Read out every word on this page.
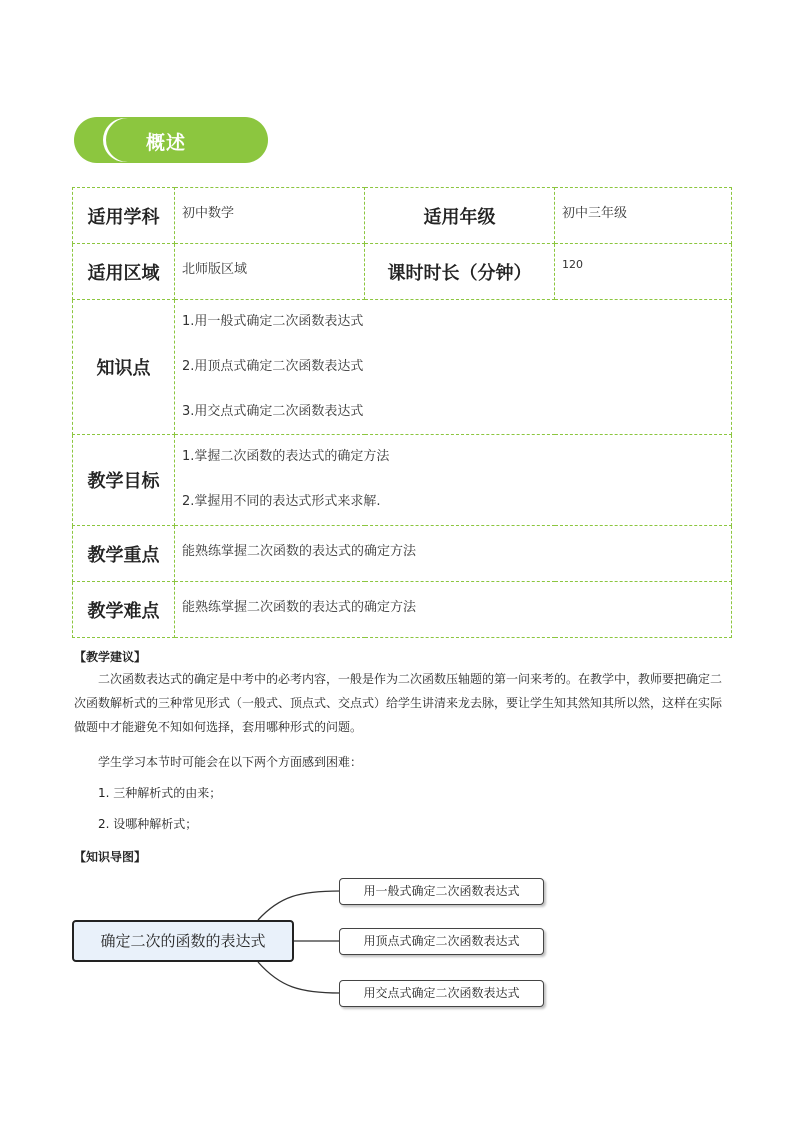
概述
适用学科	初中数学	适用年级	初中三年级
适用区域	北师版区域	课时时长（分钟）	120
知识点	1.用一般式确定二次函数表达式

2.用顶点式确定二次函数表达式

3.用交点式确定二次函数表达式		

教学目标	1.掌握二次函数的表达式的确定方法

2.掌握用不同的表达式形式来求解.		

教学重点	能熟练掌握二次函数的表达式的确定方法		
教学难点	能熟练掌握二次函数的表达式的确定方法		
【教学建议】
二次函数表达式的确定是中考中的必考内容，一般是作为二次函数压轴题的第一问来考的。在教学中，教师要把确定二次函数解析式的三种常见形式（一般式、顶点式、交点式）给学生讲清来龙去脉，要让学生知其然知其所以然，这样在实际做题中才能避免不知如何选择，套用哪种形式的问题。
学生学习本节时可能会在以下两个方面感到困难：
1. 三种解析式的由来；
2. 设哪种解析式；
【知识导图】
确定二次的函数的表达式
用一般式确定二次函数表达式
用顶点式确定二次函数表达式
用交点式确定二次函数表达式
